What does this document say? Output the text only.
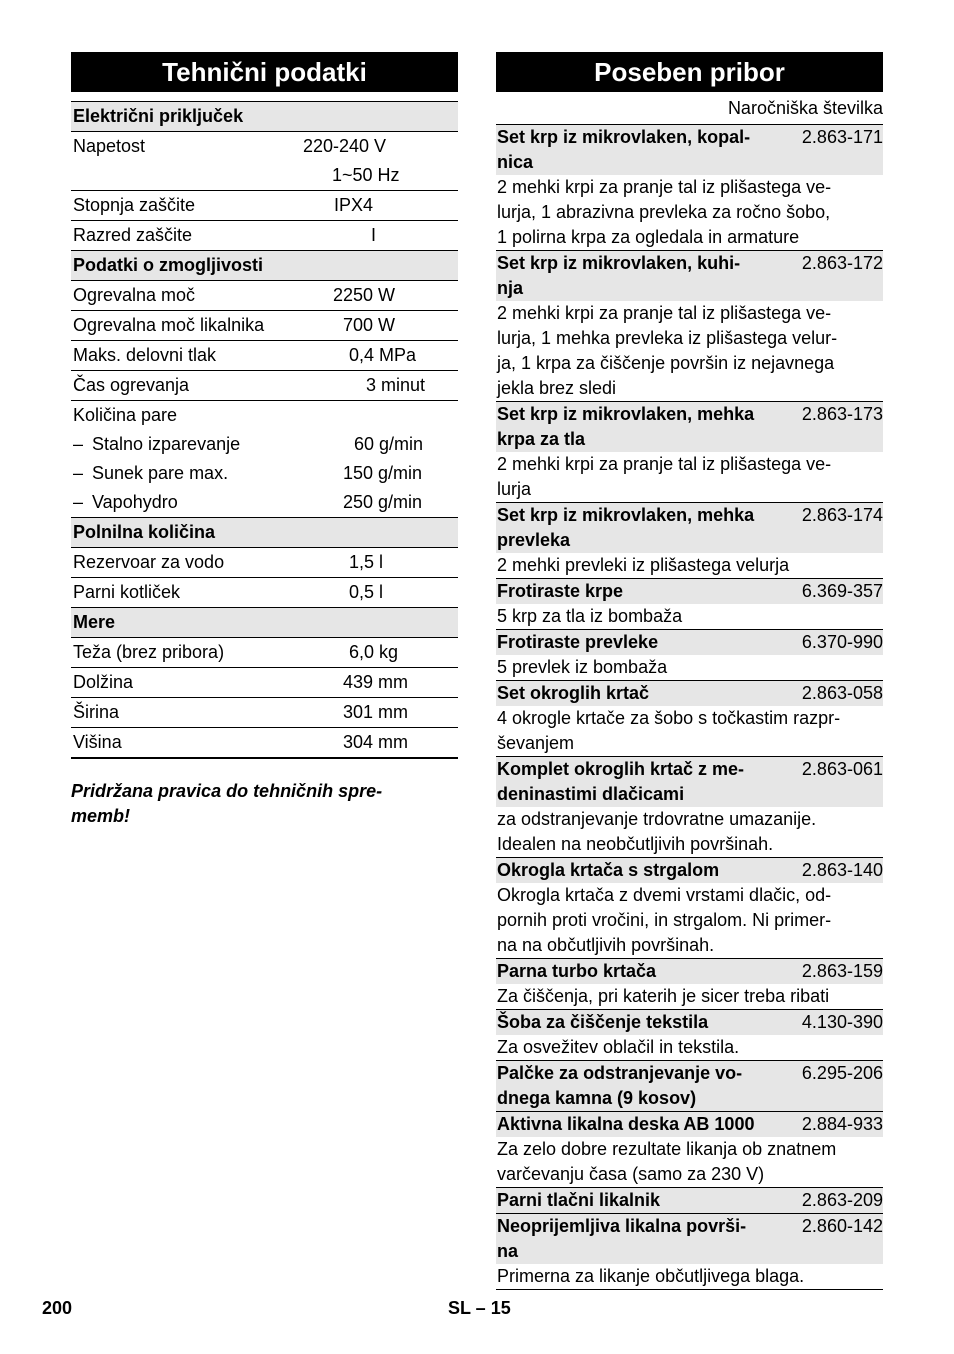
Tehnični podatki
Električni priključek
Napetost	220-240 V
1~50 Hz
Stopnja zaščite	IPX4
Razred zaščite	I
Podatki o zmogljivosti
Ogrevalna moč	2250 W
Ogrevalna moč likalnika	700 W
Maks. delovni tlak	0,4 MPa
Čas ogrevanja	3 minut
Količina pare
– Stalno izparevanje	60 g/min
– Sunek pare max.	150 g/min
– Vapohydro	250 g/min
Polnilna količina
Rezervoar za vodo	1,5 l
Parni kotliček	0,5 l
Mere
Teža (brez pribora)	6,0 kg
Dolžina	439 mm
Širina	301 mm
Višina	304 mm
Pridržana pravica do tehničnih spre-
memb!
Poseben pribor
Naročniška številka
Set krp iz mikrovlaken, kopal-
nica
2.863-171
2 mehki krpi za pranje tal iz plišastega ve-
lurja, 1 abrazivna prevleka za ročno šobo,
1 polirna krpa za ogledala in armature
Set krp iz mikrovlaken, kuhi-
nja
2.863-172
2 mehki krpi za pranje tal iz plišastega ve-
lurja, 1 mehka prevleka iz plišastega velur-
ja, 1 krpa za čiščenje površin iz nejavnega
jekla brez sledi
Set krp iz mikrovlaken, mehka
krpa za tla
2.863-173
2 mehki krpi za pranje tal iz plišastega ve-
lurja
Set krp iz mikrovlaken, mehka
prevleka
2.863-174
2 mehki prevleki iz plišastega velurja
Frotiraste krpe	6.369-357
5 krp za tla iz bombaža
Frotiraste prevleke	6.370-990
5 prevlek iz bombaža
Set okroglih krtač	2.863-058
4 okrogle krtače za šobo s točkastim razpr-
ševanjem
Komplet okroglih krtač z me-
deninastimi dlačicami
2.863-061
za odstranjevanje trdovratne umazanije.
Idealen na neobčutljivih površinah.
Okrogla krtača s strgalom	2.863-140
Okrogla krtača z dvemi vrstami dlačic, od-
pornih proti vročini, in strgalom. Ni primer-
na na občutljivih površinah.
Parna turbo krtača	2.863-159
Za čiščenja, pri katerih je sicer treba ribati
Šoba za čiščenje tekstila	4.130-390
Za osvežitev oblačil in tekstila.
Palčke za odstranjevanje vo-
dnega kamna (9 kosov)
6.295-206
Aktivna likalna deska AB 1000	2.884-933
Za zelo dobre rezultate likanja ob znatnem
varčevanju časa (samo za 230 V)
Parni tlačni likalnik	2.863-209
Neoprijemljiva likalna površi-
na
2.860-142
Primerna za likanje občutljivega blaga.
200	SL – 15
